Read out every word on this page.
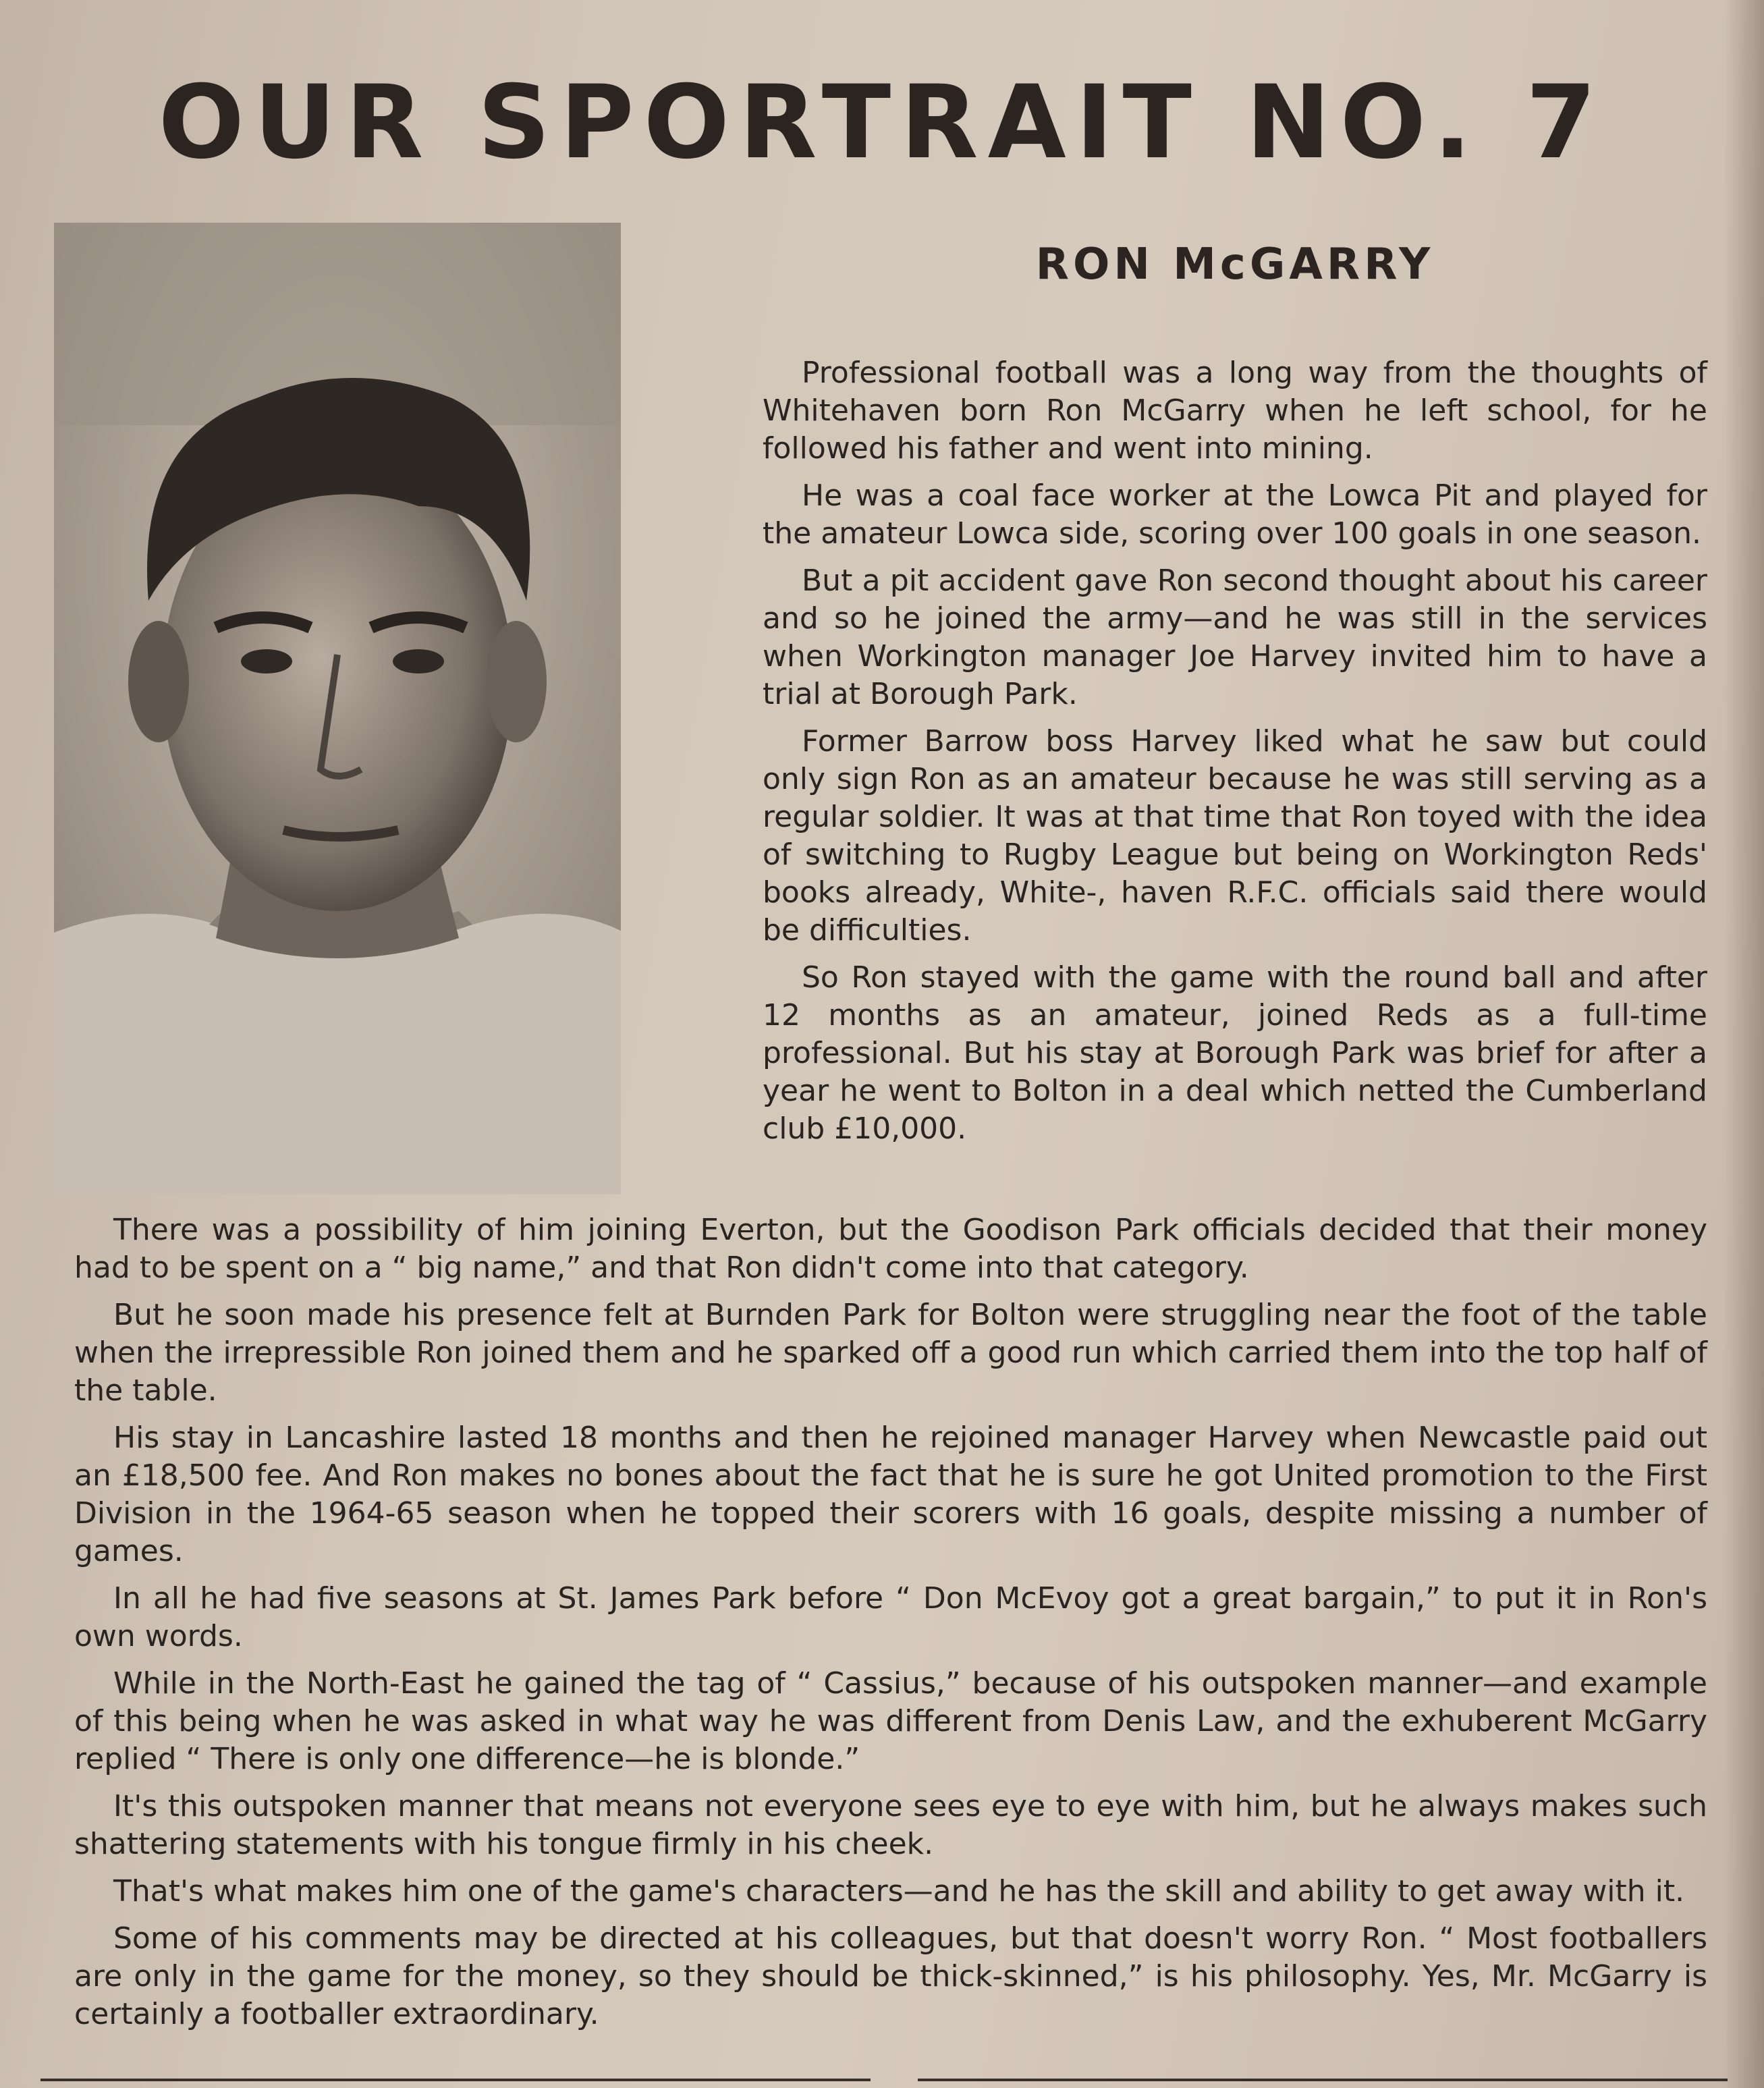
OUR SPORTRAIT NO. 7
RON McGARRY

Professional football was a long way from the thoughts of Whitehaven born Ron McGarry when he left school, for he followed his father and went into mining.

He was a coal face worker at the Lowca Pit and played for the amateur Lowca side, scoring over 100 goals in one season.

But a pit accident gave Ron second thought about his career and so he joined the army—and he was still in the services when Workington manager Joe Harvey invited him to have a trial at Borough Park.

Former Barrow boss Harvey liked what he saw but could only sign Ron as an amateur because he was still serving as a regular soldier. It was at that time that Ron toyed with the idea of switching to Rugby League but being on Workington Reds' books already, White-, haven R.F.C. officials said there would be difficulties.

So Ron stayed with the game with the round ball and after 12 months as an amateur, joined Reds as a full-time professional. But his stay at Borough Park was brief for after a year he went to Bolton in a deal which netted the Cumberland club £10,000.

There was a possibility of him joining Everton, but the Goodison Park officials decided that their money had to be spent on a “ big name,” and that Ron didn't come into that category.

But he soon made his presence felt at Burnden Park for Bolton were struggling near the foot of the table when the irrepressible Ron joined them and he sparked off a good run which carried them into the top half of the table.

His stay in Lancashire lasted 18 months and then he rejoined manager Harvey when Newcastle paid out an £18,500 fee. And Ron makes no bones about the fact that he is sure he got United promotion to the First Division in the 1964-65 season when he topped their scorers with 16 goals, despite missing a number of games.

In all he had five seasons at St. James Park before “ Don McEvoy got a great bargain,” to put it in Ron's own words.

While in the North-East he gained the tag of “ Cassius,” because of his outspoken manner—and example of this being when he was asked in what way he was different from Denis Law, and the exhuberent McGarry replied “ There is only one difference—he is blonde.”

It's this outspoken manner that means not everyone sees eye to eye with him, but he always makes such shattering statements with his tongue firmly in his cheek.

That's what makes him one of the game's characters—and he has the skill and ability to get away with it.

Some of his comments may be directed at his colleagues, but that doesn't worry Ron. “ Most footballers are only in the game for the money, so they should be thick-skinned,” is his philosophy. Yes, Mr. McGarry is certainly a footballer extraordinary.
